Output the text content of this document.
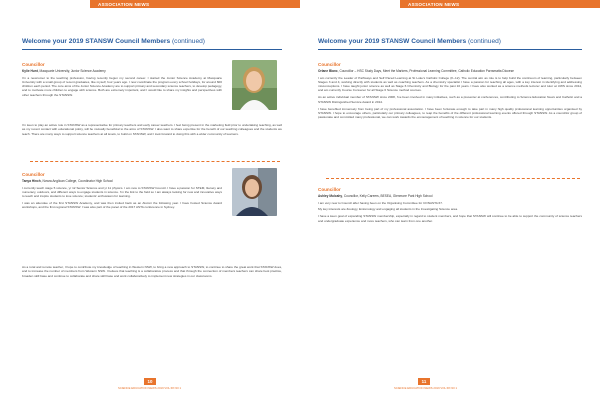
ASSOCIATION NEWS
Welcome your 2019 STANSW Council Members (continued)
Councillor
Kylie Hunt, Macquarie University, Junior Science Academy
I'm a newcomer to the teaching profession, having recently begun my second career. I started the Junior Science Academy at Macquarie University with a small group of recent graduates, like myself, four years ago. I now coordinate the program every school holidays, for around 600 children each period. The core aims of the Junior Science Academy are to support primary and secondary science teachers, to develop pedagogy, and to motivate more children to engage with science. Both are extremely important, and I would like to share my insights and perspectives with other teachers through the STANSW.
I'm keen to play an active role in STANSW as a representative for primary teachers and early career teachers. I feel being present in the marketing field prior to undertaking teaching, as well as my recent contact with educational policy, will be mutually beneficial to the aims of STANSW. I also want to share expertise for the benefit of our teaching colleagues and the students we teach. There are many ways to support science teachers at all levels, to build on STANSW, and I look forward to doing this with a wider community of learners.
Councillor
Tanya Hinch, Nowra Anglican College, Coordinator High School
I currently teach stage 5 science, yr 12 Senior Science and yr 11 physics. I am new to STANSW Council. I have a passion for STEM, literacy and numeracy, outdoors, and different ways to engage students in science. I'm the link to the field so I am always looking for new and innovative ways to teach and inspire students to love science; students' enthusiasm for learning.
I was an attendee of the first STANSW Academy, and was then invited back as an Alumni the following year. I have hosted Science Award workshops, and the first regional STANSW. I was also part of the panel of the 2017 ASTA conference in Sydney.
As a rural and remote teacher, I hope to contribute my knowledge of teaching in Western NSW, to bring a new approach to STANSW, to continue to share the great work that STANSW does, and to increase the number of members from Western NSW. I believe that teaching is a collaborative process and that through the connection of members teachers can share best practice, broaden skill base and continue to collaborate and share skill base and work collaboratively to implement new strategies in our classrooms.
10
SCIENCE EDUCATION NEWS 2019 VOL 68 NO 1
ASSOCIATION NEWS
Welcome your 2019 STANSW Council Members (continued)
Councillor
Orlane Blanc, Councillor – HSC Study Days, Meet the Markers, Professional Learning Committee, Catholic Education Parramatta Diocese
I am currently the Leader of Pathways and Self Paced Learning at St Luke's Catholic College (K–12). The central aim as role is to help build the continuum of learning, particularly between Stages 3 and 4, working directly with students as well as coaching teachers. As a chemistry specialist I have a passion for teaching all ages, with a key interest in identifying and addressing misconceptions. I have taught junior science as well as Stage 6 Chemistry and Biology for the past 10 years. I have also worked as a science methods lecturer and tutor at UWS since 2014, and am currently Course Convener for all Stage 6 Science method courses.
As an active individual member of STANSW since 2008, I've been involved in many initiatives, such as a presenter at conferences, contributing to Science Education News and Catholic and a STANSW Distinguished Service Award in 2014.
I have benefited immensely from being part of my professional association. I have been fortunate enough to take part in many high quality professional learning opportunities organised by STANSW. I hope to encourage others, particularly our primary colleagues, to reap the benefits of the different professional learning events offered through STANSW. As a councillor group of passionate and committed many professional, we can work towards the encouragement of teaching in science for our students.
Councillor
Ashley Mulcahy, Councillor, Kelly Careers, BESEA, Glenmore Park High School
I am very new to Council after having been on the Organising Committee for CONASTA 67.
My key interests are Zoology, Entomology and engaging all students in the Investigating Science area.
I have a keen goal of expanding STANSW membership, especially in regard to student members, and hope that STANSW will continue to be able to support the community of science teachers and undergraduate experience and more teachers, who can learn from one another.
11
SCIENCE EDUCATION NEWS 2019 VOL 68 NO 1
